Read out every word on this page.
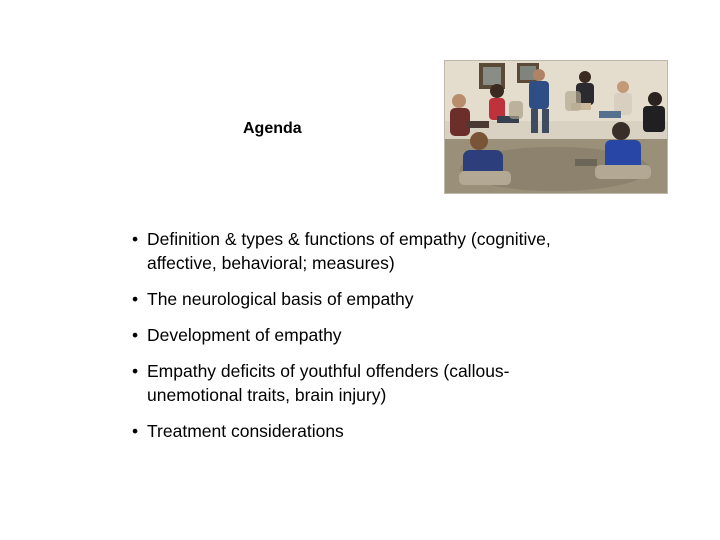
Agenda
• Definition & types & functions of empathy (cognitive, affective, behavioral; measures)
• The neurological basis of empathy
• Development of empathy
• Empathy deficits of youthful offenders (callous-unemotional traits, brain injury)
• Treatment considerations
